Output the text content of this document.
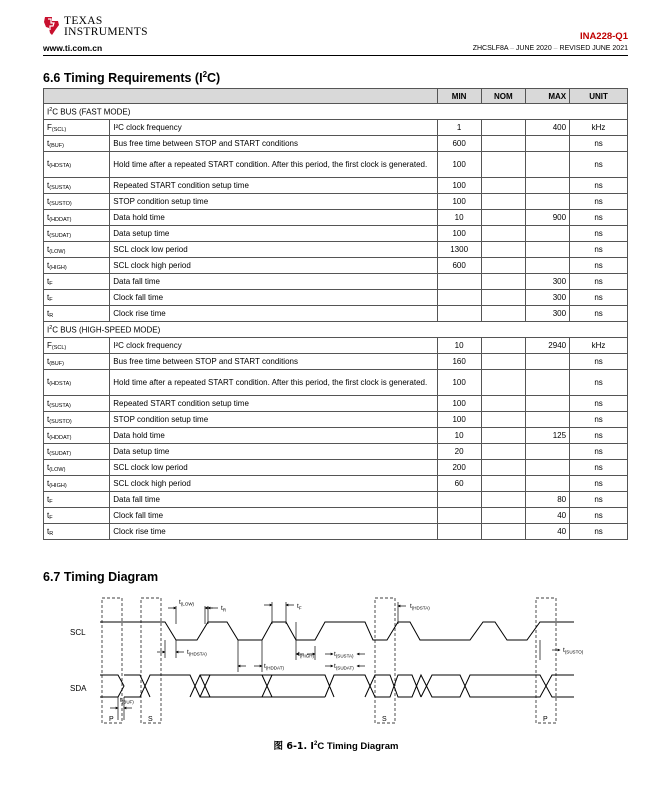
TEXAS
INSTRUMENTS
www.ti.com.cn
INA228-Q1
ZHCSLF8A – JUNE 2020 – REVISED JUNE 2021
6.6 Timing Requirements $(I^2C)$
		MIN	NOM	MAX	UNIT
$I^2C$ BUS (FAST MODE)					
$F_{(SCL)}$	I²C clock frequency	1		400	kHz
$t_{(BUF)}$	Bus free time between STOP and START conditions	600			ns
$t_{(HDSTA)}$	Hold time after a repeated START condition. After this period, the first clock is generated.	100			ns
$t_{(SUSTA)}$	Repeated START condition setup time	100			ns
$t_{(SUSTO)}$	STOP condition setup time	100			ns
$t_{(HDDAT)}$	Data hold time	10		900	ns
$t_{(SUDAT)}$	Data setup time	100			ns
$t_{(LOW)}$	SCL clock low period	1300			ns
$t_{(HIGH)}$	SCL clock high period	600			ns
$t_F$	Data fall time			300	ns
$t_F$	Clock fall time			300	ns
$t_R$	Clock rise time			300	ns
$I^2C$ BUS (HIGH-SPEED MODE)					
$F_{(SCL)}$	I²C clock frequency	10		2940	kHz
$t_{(BUF)}$	Bus free time between STOP and START conditions	160			ns
$t_{(HDSTA)}$	Hold time after a repeated START condition. After this period, the first clock is generated.	100			ns
$t_{(SUSTA)}$	Repeated START condition setup time	100			ns
$t_{(SUSTO)}$	STOP condition setup time	100			ns
$t_{(HDDAT)}$	Data hold time	10		125	ns
$t_{(SUDAT)}$	Data setup time	20			ns
$t_{(LOW)}$	SCL clock low period	200			ns
$t_{(HIGH)}$	SCL clock high period	60			ns
$t_F$	Data fall time			80	ns
$t_F$	Clock fall time			40	ns
$t_R$	Clock rise time			40	ns
6.7 Timing Diagram
SCL
SDA
$t_{(LOW)}$
$t_R$	$t_F$	$t_{(HDSTA)}$
$t_{(HDSTA)}$
$t_{(HDDAT)}$
$t_{(HIGH)}$	$t_{(SUSTA)}$
$t_{(SUDAT)}$
$t_{(SUSTO)}$
$t_{(BUF)}$
P	S	S	P
图 6-1. $I^2C$ Timing Diagram
